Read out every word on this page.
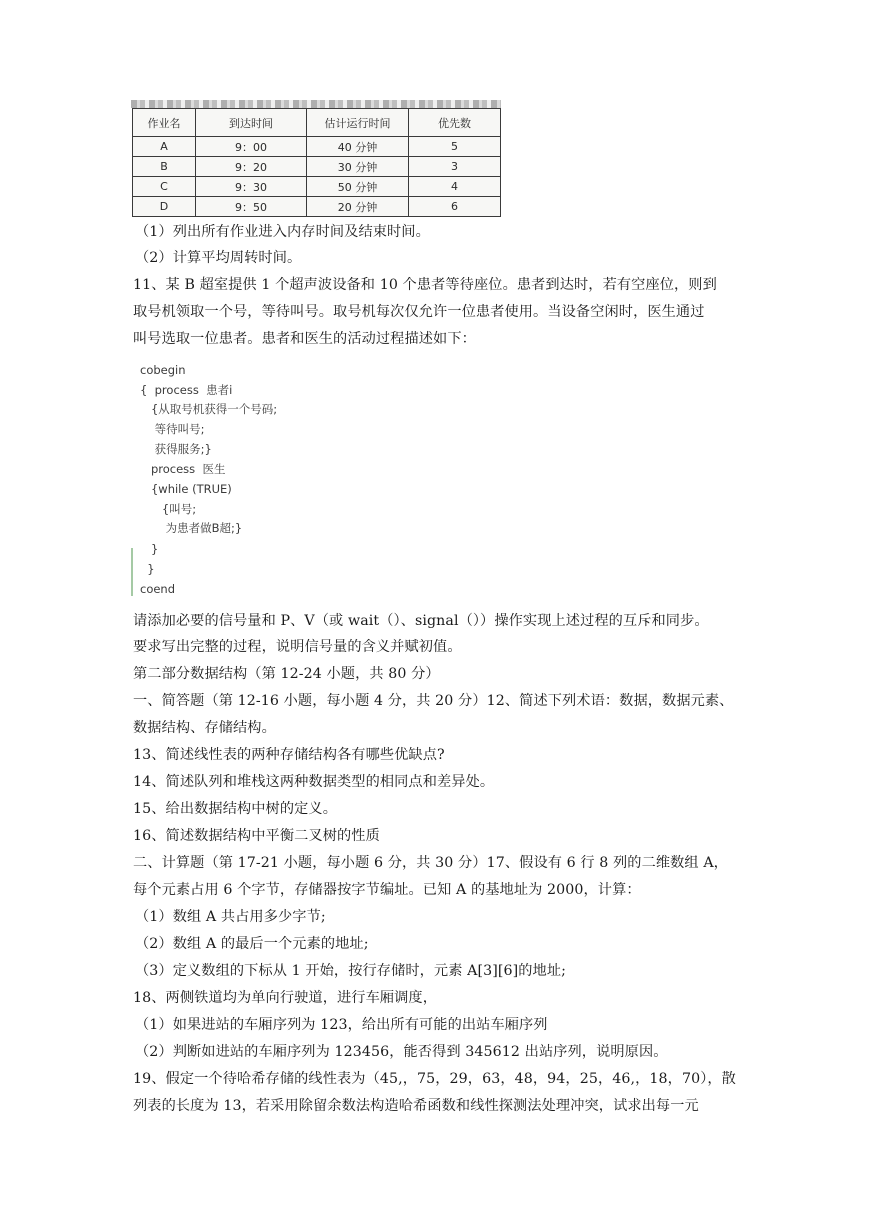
作业名	到达时间	估计运行时间	优先数
A	9：00	40 分钟	5
B	9：20	30 分钟	3
C	9：30	50 分钟	4
D	9：50	20 分钟	6
（1）列出所有作业进入内存时间及结束时间。
（2）计算平均周转时间。
11、某 B 超室提供 1 个超声波设备和 10 个患者等待座位。患者到达时，若有空座位，则到
取号机领取一个号，等待叫号。取号机每次仅允许一位患者使用。当设备空闲时，医生通过
叫号选取一位患者。患者和医生的活动过程描述如下：
cobegin
{  process  患者i
{从取号机获得一个号码;
等待叫号;
获得服务;}
process  医生
{while (TRUE)
{叫号;
为患者做B超;}
}
}
coend
请添加必要的信号量和 P、V（或 wait（）、signal（））操作实现上述过程的互斥和同步。
要求写出完整的过程，说明信号量的含义并赋初值。
第二部分数据结构（第 12-24 小题，共 80 分）
一、简答题（第 12-16 小题，每小题 4 分，共 20 分）12、简述下列术语：数据，数据元素、
数据结构、存储结构。
13、简述线性表的两种存储结构各有哪些优缺点?
14、简述队列和堆栈这两种数据类型的相同点和差异处。
15、给出数据结构中树的定义。
16、简述数据结构中平衡二叉树的性质
二、计算题（第 17-21 小题，每小题 6 分，共 30 分）17、假设有 6 行 8 列的二维数组 A，
每个元素占用 6 个字节，存储器按字节编址。已知 A 的基地址为 2000，计算：
（1）数组 A 共占用多少字节;
（2）数组 A 的最后一个元素的地址;
（3）定义数组的下标从 1 开始，按行存储时，元素 A[3][6]的地址;
18、两侧铁道均为单向行驶道，进行车厢调度，
（1）如果进站的车厢序列为 123，给出所有可能的出站车厢序列
（2）判断如进站的车厢序列为 123456，能否得到 345612 出站序列，说明原因。
19、假定一个待哈希存储的线性表为（45,，75，29，63，48，94，25，46,，18，70），散
列表的长度为 13，若采用除留余数法构造哈希函数和线性探测法处理冲突，试求出每一元
